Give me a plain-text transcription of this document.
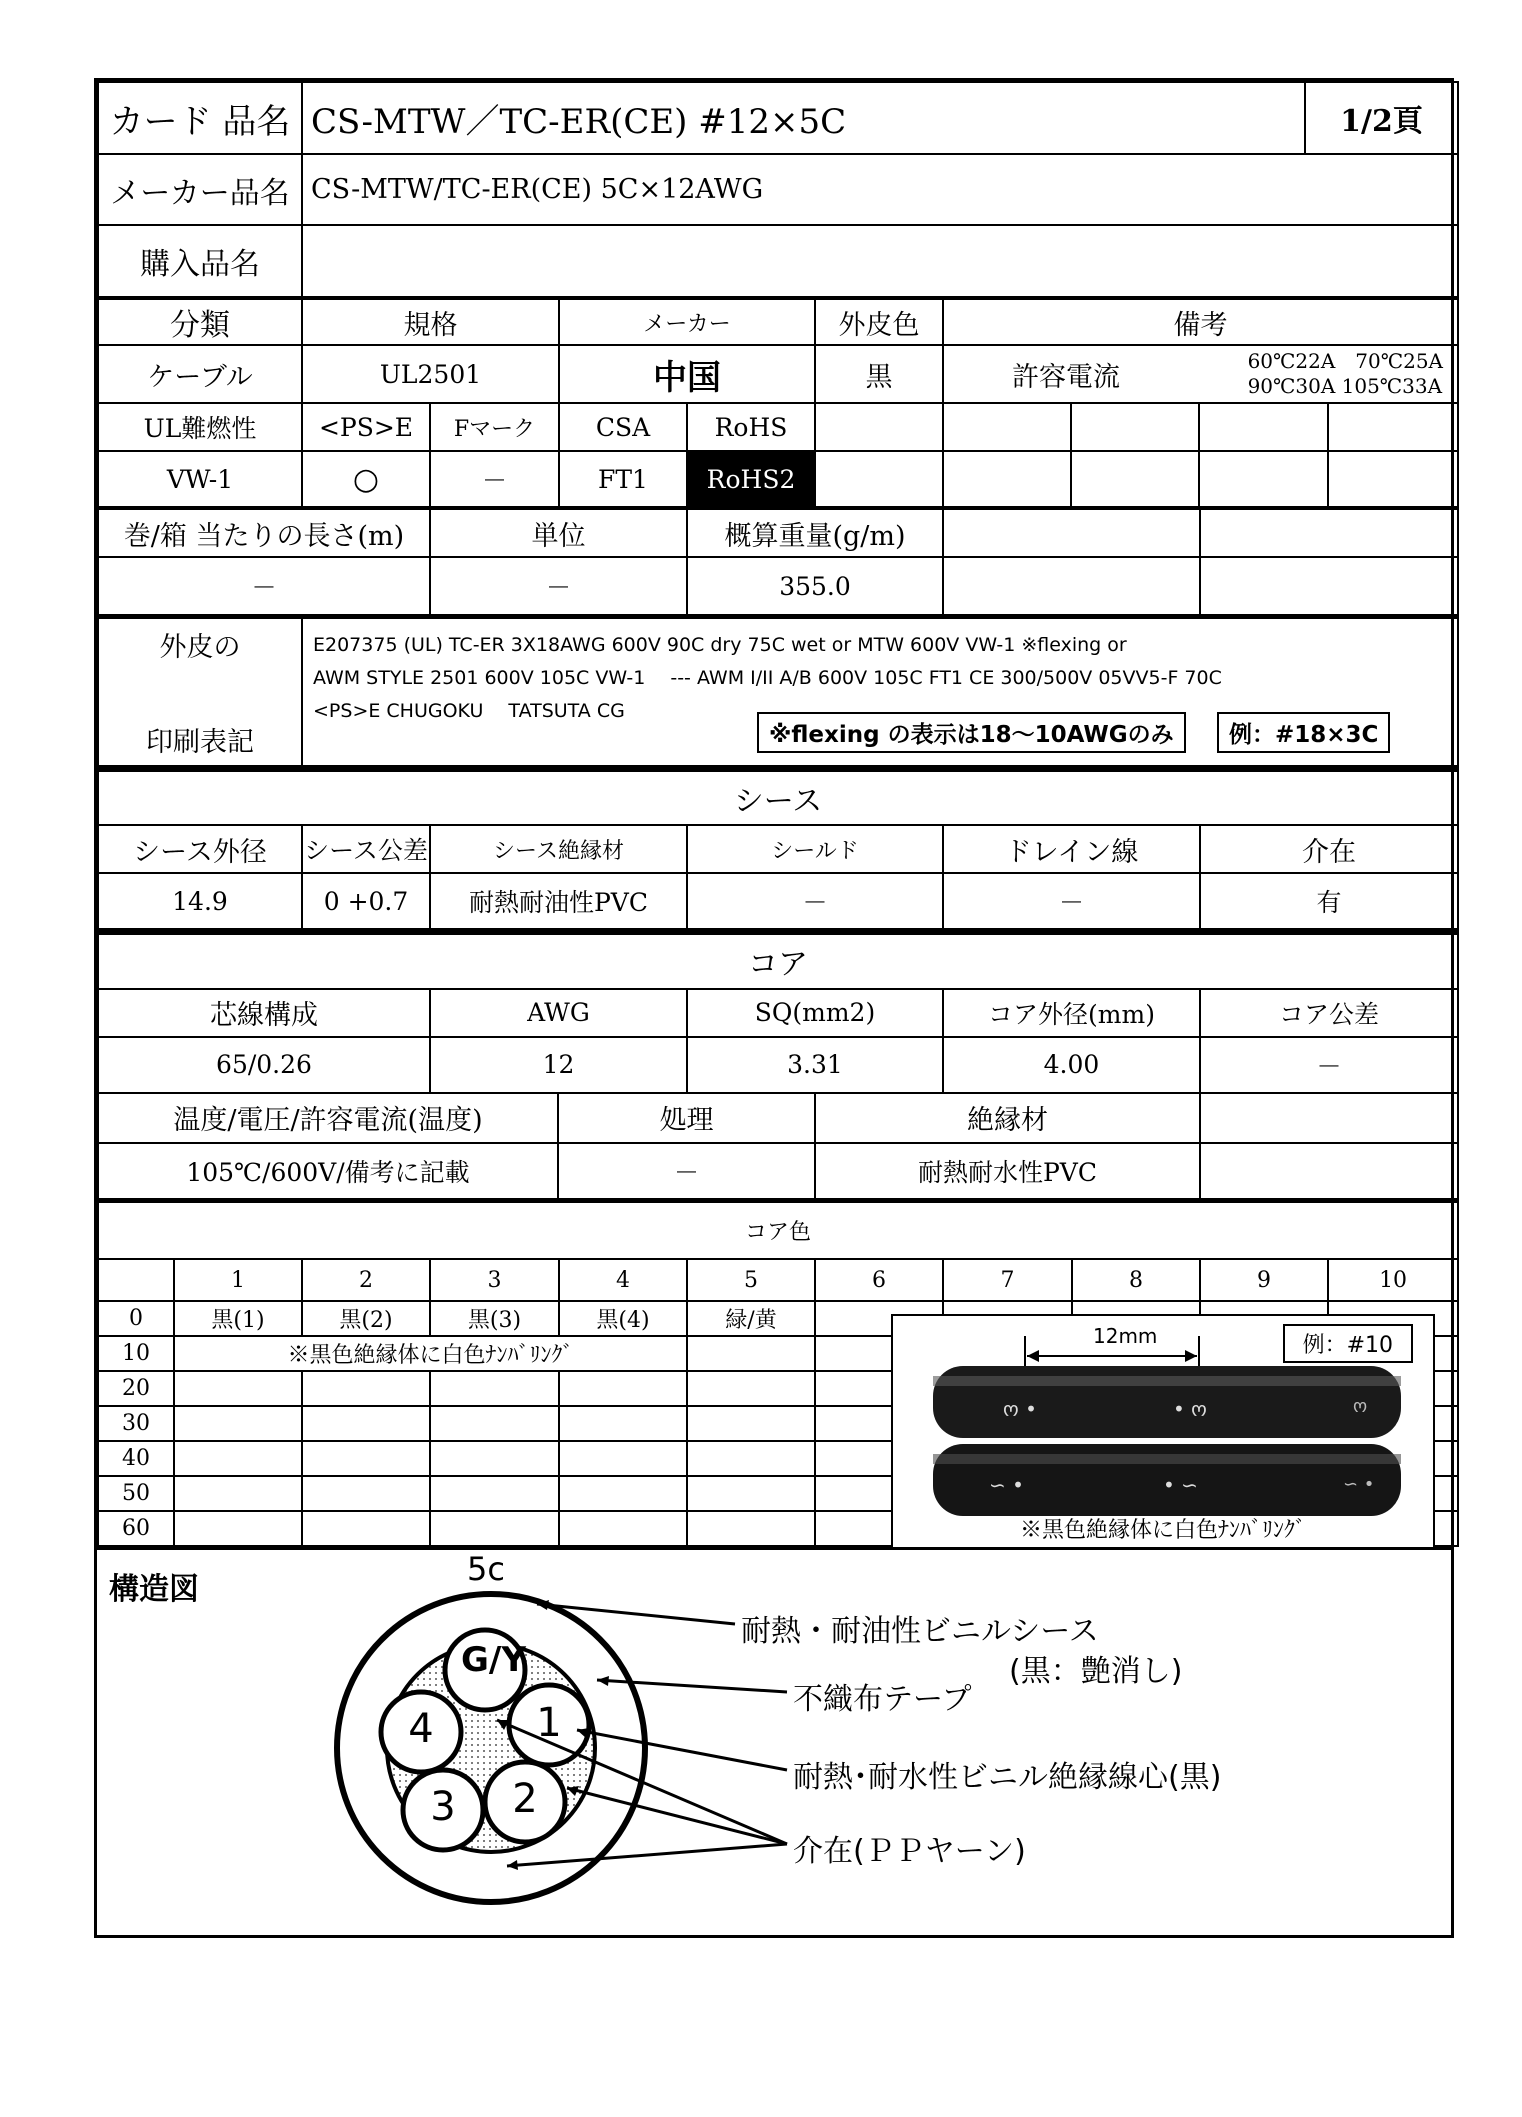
カード 品名	CS-MTW／TC-ER(CE) #12×5C	1/2頁
メーカー品名	CS-MTW/TC-ER(CE) 5C×12AWG
購入品名	
分類	規格		メーカー		外皮色	備考			
ケーブル	UL2501		中国		黒	許容電流
60℃22A　70℃25A
90℃30A 105℃33A			

UL難燃性	<PS>E	Fマーク	CSA	RoHS					
VW-1	○	－	FT1	RoHS2					
巻/箱 当たりの長さ(m)	単位	概算重量(g/m)		
－	－	355.0		
外皮の
印刷表記

E207375 (UL) TC-ER 3X18AWG 600V 90C dry 75C wet or MTW 600V VW-1 ※flexing or
AWM STYLE 2501 600V 105C VW-1　 --- AWM I/II A/B 600V 105C FT1 CE 300/500V 05VV5-F 70C
<PS>E CHUGOKU　 TATSUTA CG
※flexing の表示は18～10AWGのみ	例：#18×3C
シース					
シース外径	シース公差	シース絶縁材	シールド	ドレイン線	介在
14.9	0 +0.7	耐熱耐油性PVC	－	－	有
コア						
芯線構成	AWG		SQ(mm2)		コア外径(mm)	コア公差
65/0.26	12		3.31		4.00	－
温度/電圧/許容電流(温度)		処理		絶縁材		
105℃/600V/備考に記載		－		耐熱耐水性PVC		
コア色										
	1	2	3	4	5	6	7	8	9	10
0	黒(1)	黒(2)	黒(3)	黒(4)	緑/黄					
10	※黒色絶縁体に白色ﾅﾝﾊﾞﾘﾝｸﾞ									
20										
30										
40										
50										
60										
例：#10
12mm
ო •	• ო	ო
∽ •	• ∽	∽ •
※黒色絶縁体に白色ﾅﾝﾊﾞﾘﾝｸﾞ
構造図
5c
G/Y
1
2
3
4
耐熱・耐油性ビニルシース
(黒：艶消し)
不織布テープ
耐熱･耐水性ビニル絶縁線心(黒)
介在(ＰＰヤーン)
